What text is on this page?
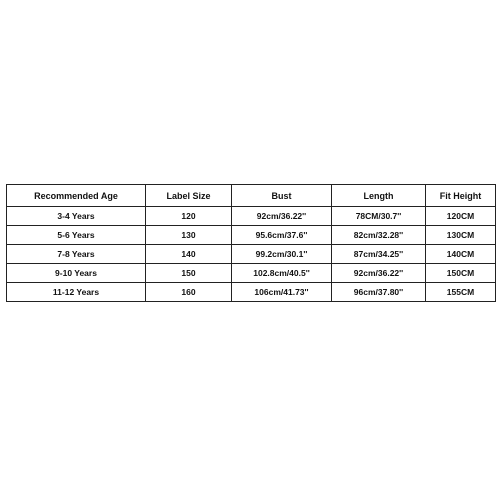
Recommended Age	Label Size	Bust	Length	Fit Height
3-4 Years	120	92cm/36.22''	78CM/30.7''	120CM
5-6 Years	130	95.6cm/37.6''	82cm/32.28''	130CM
7-8 Years	140	99.2cm/30.1''	87cm/34.25''	140CM
9-10 Years	150	102.8cm/40.5''	92cm/36.22''	150CM
11-12 Years	160	106cm/41.73''	96cm/37.80''	155CM
